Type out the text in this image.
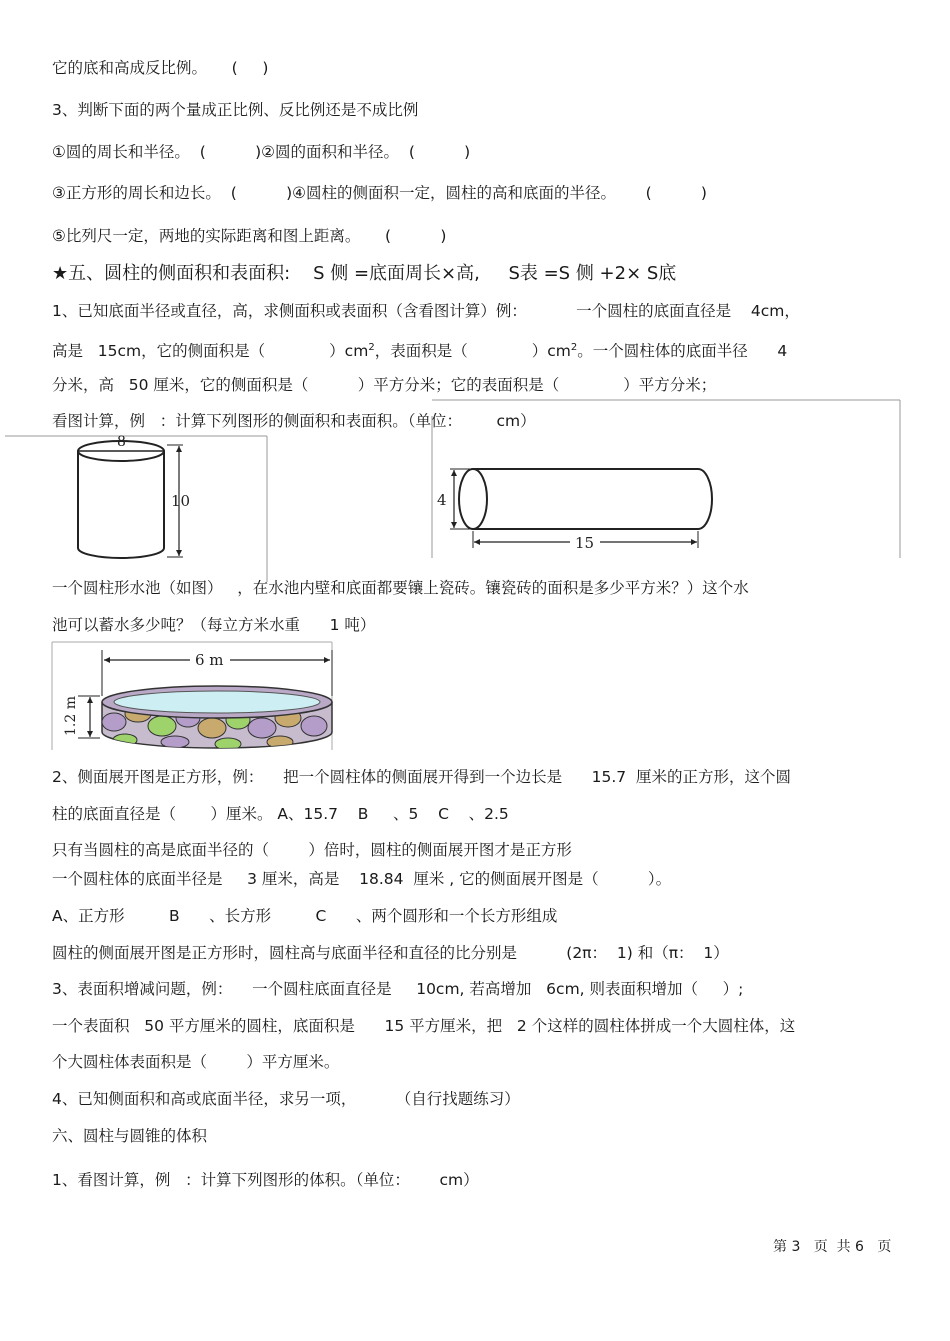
它的底和高成反比例。     (     )
3、判断下面的两个量成正比例、反比例还是不成比例
①圆的周长和半径。  (          )②圆的面积和半径。  (          )
③正方形的周长和边长。  (          )④圆柱的侧面积一定，圆柱的高和底面的半径。      (          )
⑤比列尺一定，两地的实际距离和图上距离。     (          )
★五、圆柱的侧面积和表面积:    S 侧 =底面周长×高,     S表 =S 侧 +2× S底
1、已知底面半径或直径，高，求侧面积或表面积（含看图计算）例：          一个圆柱的底面直径是    4cm，
高是   15cm，它的侧面积是（             ）$cm^2$，表面积是（             ）$cm^2$。一个圆柱体的底面半径      4
分米，高   50 厘米，它的侧面积是（          ）平方分米；它的表面积是（             ）平方分米；
看图计算，例   ：计算下列图形的侧面积和表面积。（单位：       cm）
8
10	4
15
一个圆柱形水池（如图）   ，在水池内壁和底面都要镶上瓷砖。镶瓷砖的面积是多少平方米？）这个水
池可以蓄水多少吨？（每立方米水重      1 吨）
6 m
1.2 m
2、侧面展开图是正方形，例：    把一个圆柱体的侧面展开得到一个边长是      15.7  厘米的正方形，这个圆
柱的底面直径是（       ）厘米。 A、15.7    B     、5    C    、2.5
只有当圆柱的高是底面半径的（        ）倍时，圆柱的侧面展开图才是正方形
一个圆柱体的底面半径是     3 厘米，高是    18.84  厘米 , 它的侧面展开图是（          ）。
A、正方形         B      、长方形         C      、两个圆形和一个长方形组成
圆柱的侧面展开图是正方形时，圆柱高与底面半径和直径的比分别是          (2π：  1) 和（π：  1）
3、表面积增减问题，例：    一个圆柱底面直径是     10cm, 若高增加   6cm, 则表面积增加（     ）;
一个表面积   50 平方厘米的圆柱，底面积是      15 平方厘米，把   2 个这样的圆柱体拼成一个大圆柱体，这
个大圆柱体表面积是（        ）平方厘米。
4、已知侧面积和高或底面半径，求另一项，        （自行找题练习）
六、圆柱与圆锥的体积
1、看图计算，例   ：计算下列图形的体积。（单位：      cm）
第 3   页  共 6   页
